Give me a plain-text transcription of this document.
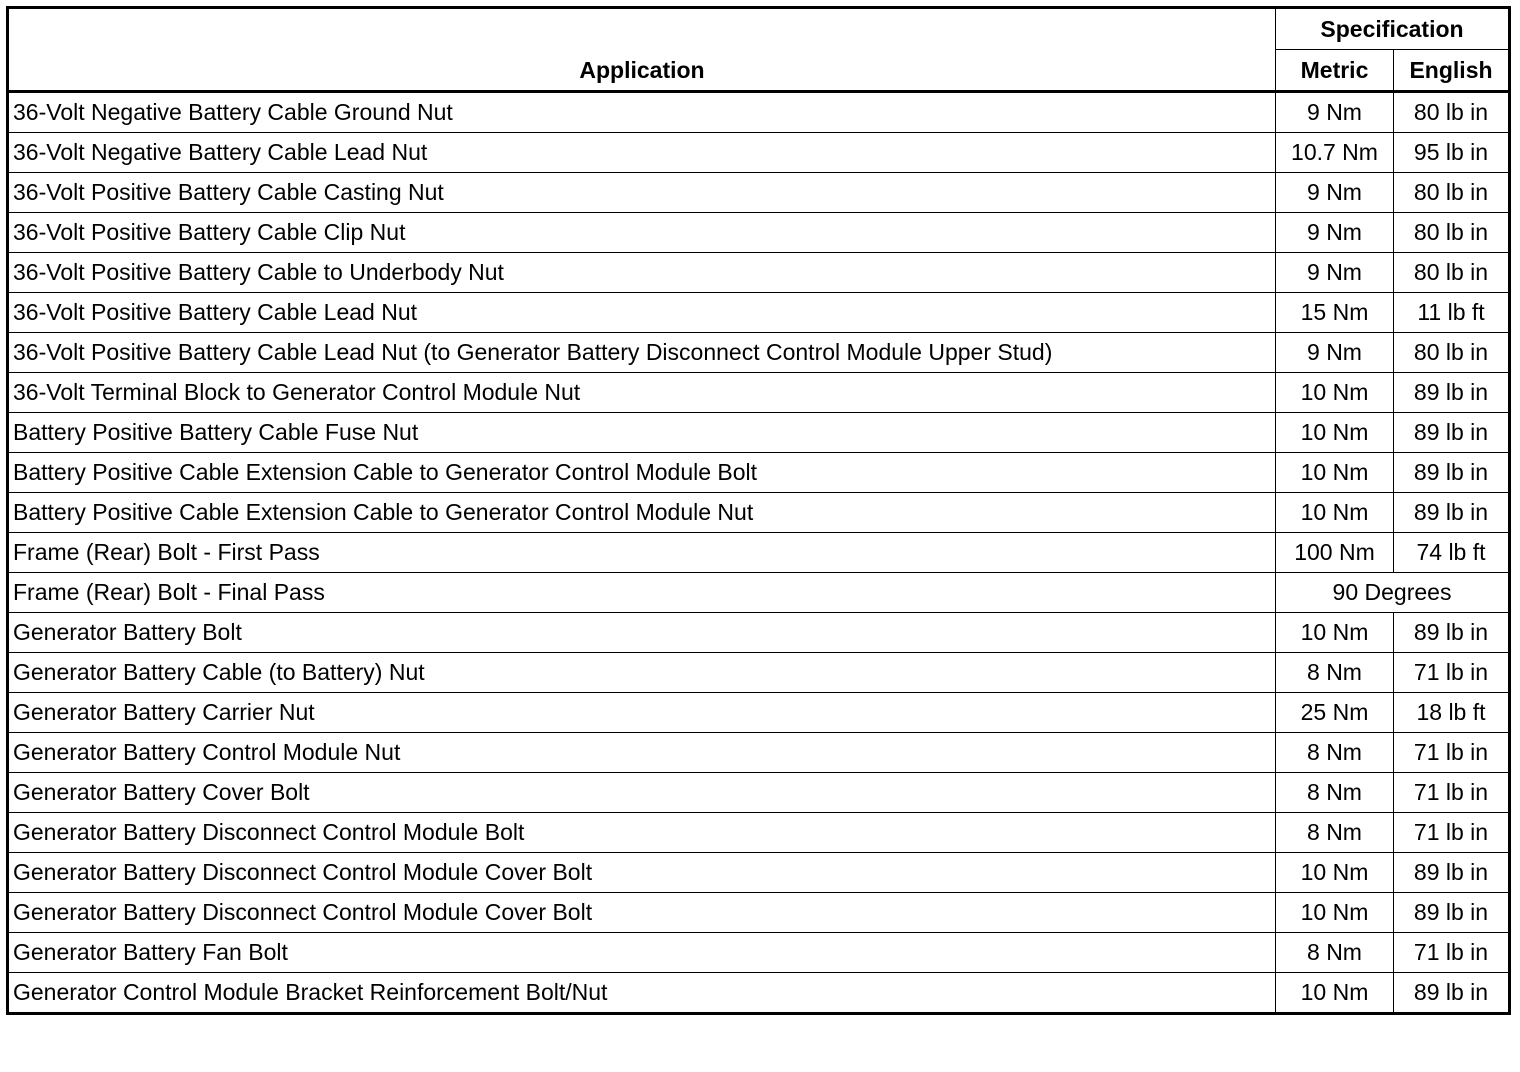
Application	Specification	
	Metric	English
36-Volt Negative Battery Cable Ground Nut	9 Nm	80 lb in
36-Volt Negative Battery Cable Lead Nut	10.7 Nm	95 lb in
36-Volt Positive Battery Cable Casting Nut	9 Nm	80 lb in
36-Volt Positive Battery Cable Clip Nut	9 Nm	80 lb in
36-Volt Positive Battery Cable to Underbody Nut	9 Nm	80 lb in
36-Volt Positive Battery Cable Lead Nut	15 Nm	11 lb ft
36-Volt Positive Battery Cable Lead Nut (to Generator Battery Disconnect Control Module Upper Stud)	9 Nm	80 lb in
36-Volt Terminal Block to Generator Control Module Nut	10 Nm	89 lb in
Battery Positive Battery Cable Fuse Nut	10 Nm	89 lb in
Battery Positive Cable Extension Cable to Generator Control Module Bolt	10 Nm	89 lb in
Battery Positive Cable Extension Cable to Generator Control Module Nut	10 Nm	89 lb in
Frame (Rear) Bolt - First Pass	100 Nm	74 lb ft
Frame (Rear) Bolt - Final Pass	90 Degrees	
Generator Battery Bolt	10 Nm	89 lb in
Generator Battery Cable (to Battery) Nut	8 Nm	71 lb in
Generator Battery Carrier Nut	25 Nm	18 lb ft
Generator Battery Control Module Nut	8 Nm	71 lb in
Generator Battery Cover Bolt	8 Nm	71 lb in
Generator Battery Disconnect Control Module Bolt	8 Nm	71 lb in
Generator Battery Disconnect Control Module Cover Bolt	10 Nm	89 lb in
Generator Battery Disconnect Control Module Cover Bolt	10 Nm	89 lb in
Generator Battery Fan Bolt	8 Nm	71 lb in
Generator Control Module Bracket Reinforcement Bolt/Nut	10 Nm	89 lb in
